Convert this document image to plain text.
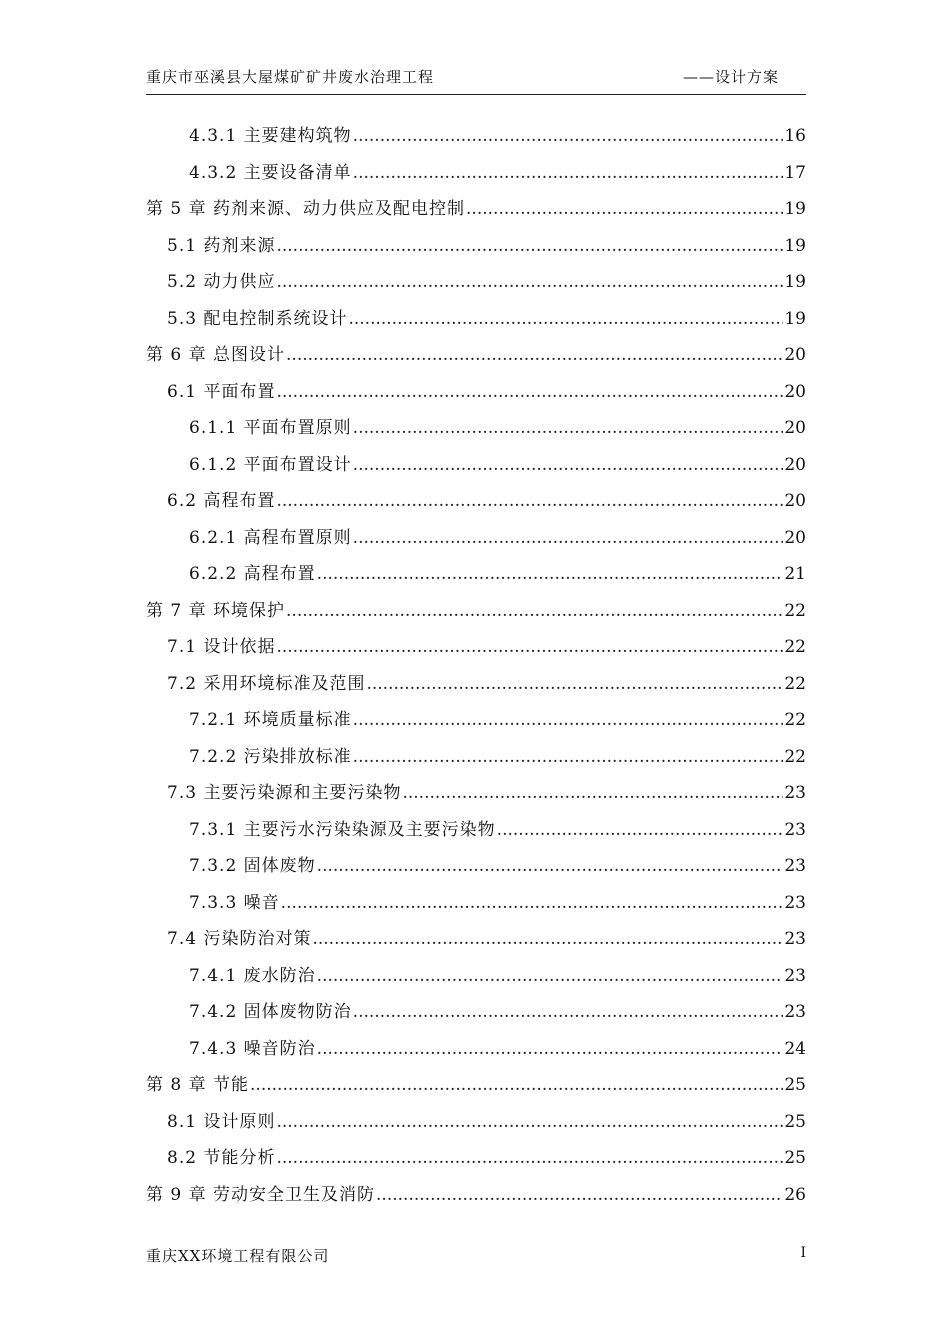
重庆市巫溪县大屋煤矿矿井废水治理工程	——设计方案
4.3.1 主要建构筑物 .....	16
4.3.2 主要设备清单 .....	17
第 5 章 药剂来源、动力供应及配电控制 .....	19
5.1 药剂来源 .....	19
5.2 动力供应 .....	19
5.3 配电控制系统设计 .....	19
第 6 章 总图设计 .....	20
6.1 平面布置 .....	20
6.1.1 平面布置原则 .....	20
6.1.2 平面布置设计 .....	20
6.2 高程布置 .....	20
6.2.1 高程布置原则 .....	20
6.2.2 高程布置 .....	21
第 7 章 环境保护 .....	22
7.1 设计依据 .....	22
7.2 采用环境标准及范围 .....	22
7.2.1 环境质量标准 .....	22
7.2.2 污染排放标准 .....	22
7.3 主要污染源和主要污染物 .....	23
7.3.1 主要污水污染染源及主要污染物 .....	23
7.3.2 固体废物 .....	23
7.3.3 噪音 .....	23
7.4 污染防治对策 .....	23
7.4.1 废水防治 .....	23
7.4.2 固体废物防治 .....	23
7.4.3 噪音防治 .....	24
第 8 章 节能 .....	25
8.1 设计原则 .....	25
8.2 节能分析 .....	25
第 9 章 劳动安全卫生及消防 .....	26
重庆XX环境工程有限公司	I
